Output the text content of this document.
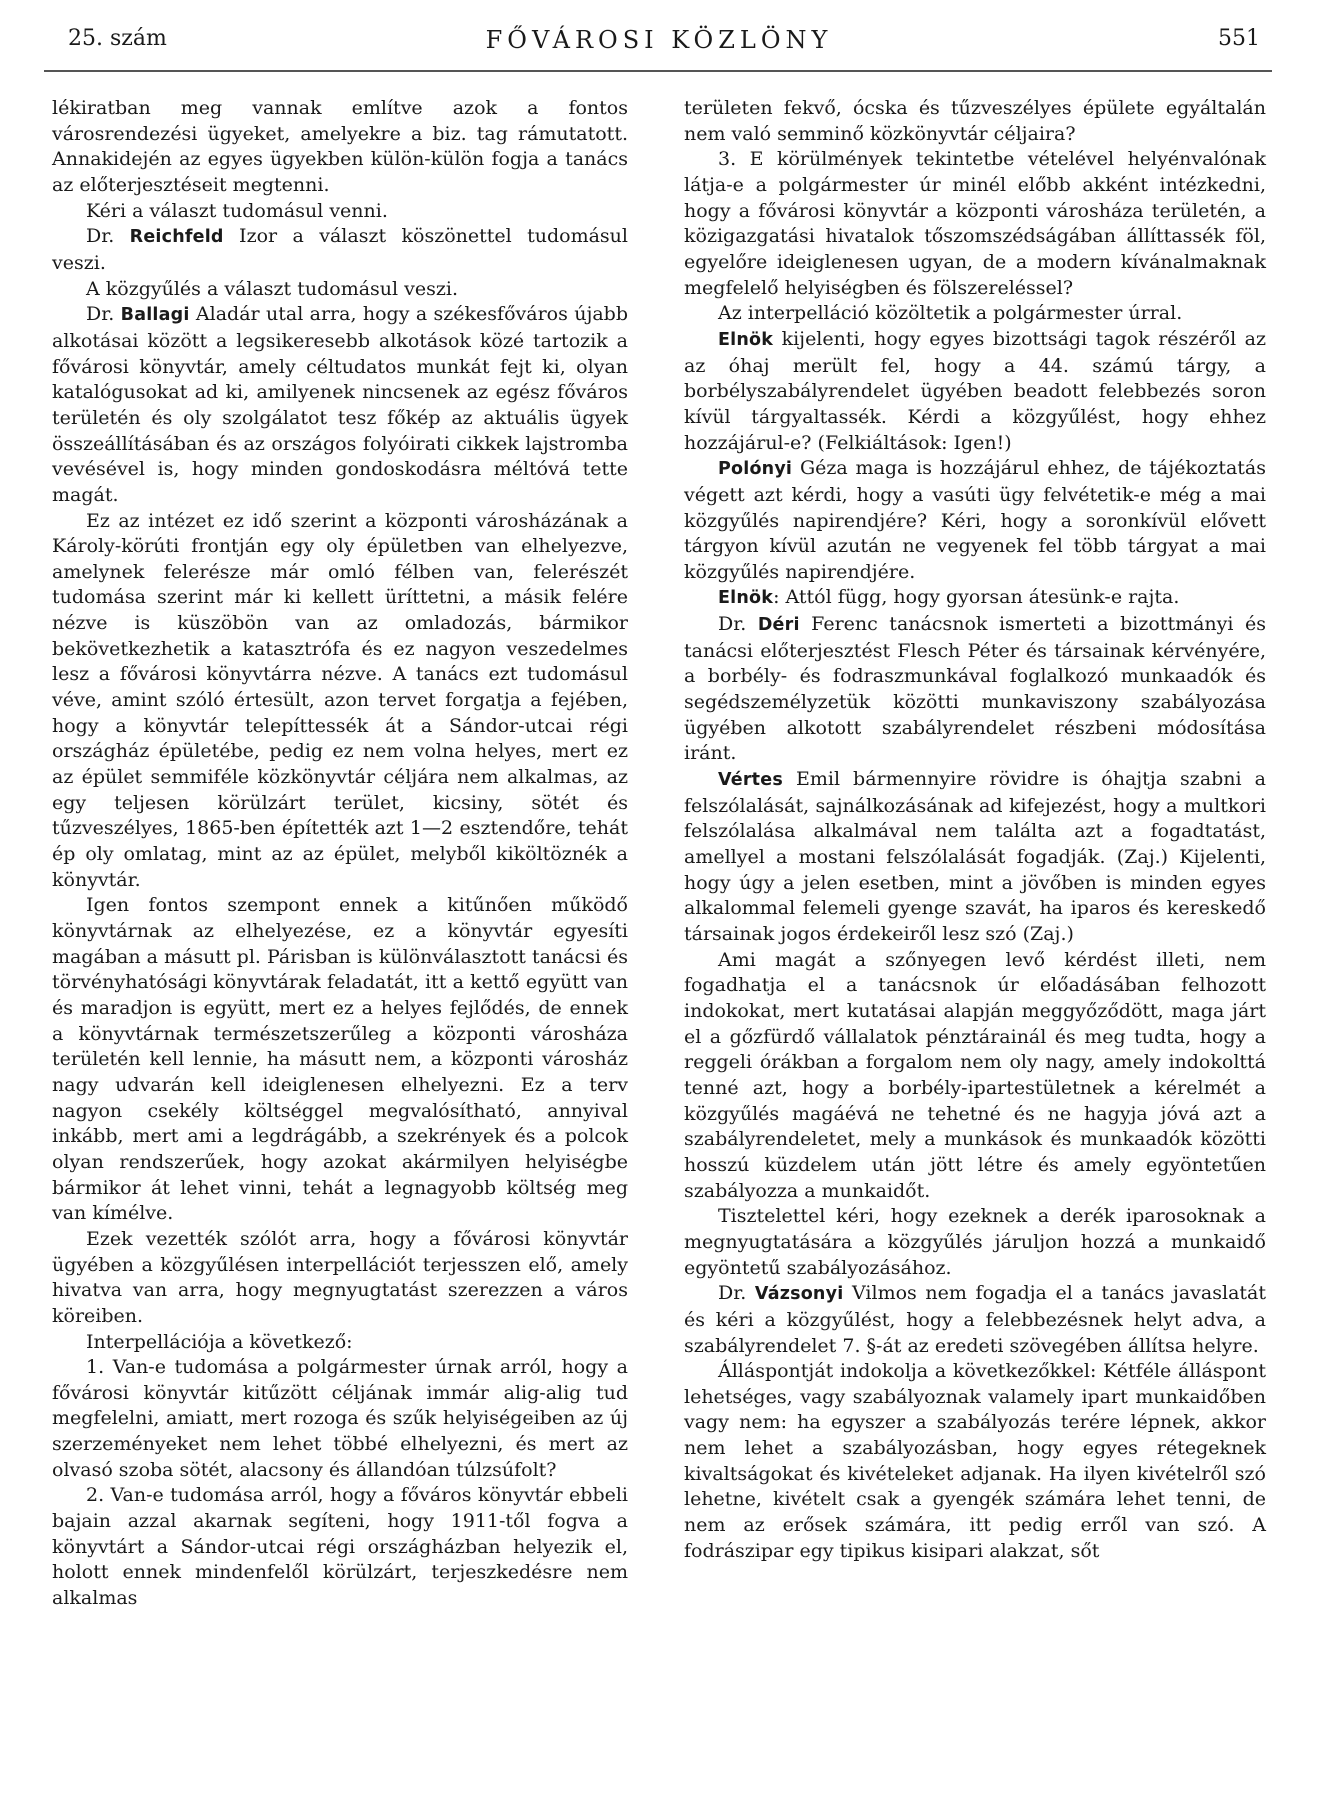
25. szám	FŐVÁROSI KÖZLÖNY	551

lékiratban meg vannak említve azok a fontos városrendezési ügyeket, amelyekre a biz. tag rámutatott. Annakidején az egyes ügyekben külön-külön fogja a tanács az előterjesztéseit megtenni.

Kéri a választ tudomásul venni.

Dr. Reichfeld Izor a választ köszönettel tudomásul veszi.

A közgyűlés a választ tudomásul veszi.

Dr. Ballagi Aladár utal arra, hogy a székesfőváros újabb alkotásai között a legsikeresebb alkotások közé tartozik a fővárosi könyvtár, amely céltudatos munkát fejt ki, olyan katalógusokat ad ki, amilyenek nincsenek az egész főváros területén és oly szolgálatot tesz főkép az aktuális ügyek összeállításában és az országos folyóirati cikkek lajstromba vevésével is, hogy minden gondoskodásra méltóvá tette magát.

Ez az intézet ez idő szerint a központi városházának a Károly-körúti frontján egy oly épületben van elhelyezve, amelynek felerésze már omló félben van, felerészét tudomása szerint már ki kellett üríttetni, a másik felére nézve is küszöbön van az omladozás, bármikor bekövetkezhetik a katasztrófa és ez nagyon veszedelmes lesz a fővárosi könyvtárra nézve. A tanács ezt tudomásul véve, amint szóló értesült, azon tervet forgatja a fejében, hogy a könyvtár telepíttessék át a Sándor-utcai régi országház épületébe, pedig ez nem volna helyes, mert ez az épület semmiféle közkönyvtár céljára nem alkalmas, az egy teljesen körülzárt terület, kicsiny, sötét és tűzveszélyes, 1865-ben építették azt 1—2 esztendőre, tehát ép oly omlatag, mint az az épület, melyből kiköltöznék a könyvtár.

Igen fontos szempont ennek a kitűnően működő könyvtárnak az elhelyezése, ez a könyvtár egyesíti magában a másutt pl. Párisban is különválasztott tanácsi és törvényhatósági könyvtárak feladatát, itt a kettő együtt van és maradjon is együtt, mert ez a helyes fejlődés, de ennek a könyvtárnak természetszerűleg a központi városháza területén kell lennie, ha másutt nem, a központi városház nagy udvarán kell ideiglenesen elhelyezni. Ez a terv nagyon csekély költséggel megvalósítható, annyival inkább, mert ami a legdrágább, a szekrények és a polcok olyan rendszerűek, hogy azokat akármilyen helyiségbe bármikor át lehet vinni, tehát a legnagyobb költség meg van kímélve.

Ezek vezették szólót arra, hogy a fővárosi könyvtár ügyében a közgyűlésen interpellációt terjesszen elő, amely hivatva van arra, hogy megnyugtatást szerezzen a város köreiben.

Interpellációja a következő:

1. Van-e tudomása a polgármester úrnak arról, hogy a fővárosi könyvtár kitűzött céljának immár alig-alig tud megfelelni, amiatt, mert rozoga és szűk helyiségeiben az új szerzeményeket nem lehet többé elhelyezni, és mert az olvasó szoba sötét, alacsony és állandóan túlzsúfolt?

2. Van-e tudomása arról, hogy a főváros könyvtár ebbeli bajain azzal akarnak segíteni, hogy 1911-től fogva a könyvtárt a Sándor-utcai régi országházban helyezik el, holott ennek mindenfelől körülzárt, terjeszkedésre nem alkalmas

területen fekvő, ócska és tűzveszélyes épülete egyáltalán nem való semminő közkönyvtár céljaira?

3. E körülmények tekintetbe vételével helyénvalónak látja-e a polgármester úr minél előbb akként intézkedni, hogy a fővárosi könyvtár a központi városháza területén, a közigazgatási hivatalok tőszomszédságában állíttassék föl, egyelőre ideiglenesen ugyan, de a modern kívánalmaknak megfelelő helyiségben és fölszereléssel?

Az interpelláció közöltetik a polgármester úrral.

Elnök kijelenti, hogy egyes bizottsági tagok részéről az az óhaj merült fel, hogy a 44. számú tárgy, a borbélyszabályrendelet ügyében beadott felebbezés soron kívül tárgyaltassék. Kérdi a közgyűlést, hogy ehhez hozzájárul-e? (Felkiáltások: Igen!)

Polónyi Géza maga is hozzájárul ehhez, de tájékoztatás végett azt kérdi, hogy a vasúti ügy felvétetik-e még a mai közgyűlés napirendjére? Kéri, hogy a soronkívül elővett tárgyon kívül azután ne vegyenek fel több tárgyat a mai közgyűlés napirendjére.

Elnök: Attól függ, hogy gyorsan átesünk-e rajta.

Dr. Déri Ferenc tanácsnok ismerteti a bizottmányi és tanácsi előterjesztést Flesch Péter és társainak kérvényére, a borbély- és fodraszmunkával foglalkozó munkaadók és segédszemélyzetük közötti munkaviszony szabályozása ügyében alkotott szabályrendelet részbeni módosítása iránt.

Vértes Emil bármennyire rövidre is óhajtja szabni a felszólalását, sajnálkozásának ad kifejezést, hogy a multkori felszólalása alkalmával nem találta azt a fogadtatást, amellyel a mostani felszólalását fogadják. (Zaj.) Kijelenti, hogy úgy a jelen esetben, mint a jövőben is minden egyes alkalommal felemeli gyenge szavát, ha iparos és kereskedő társainak jogos érdekeiről lesz szó (Zaj.)

Ami magát a szőnyegen levő kérdést illeti, nem fogadhatja el a tanácsnok úr előadásában felhozott indokokat, mert kutatásai alapján meggyőződött, maga járt el a gőzfürdő vállalatok pénztárainál és meg tudta, hogy a reggeli órákban a forgalom nem oly nagy, amely indokolttá tenné azt, hogy a borbély-ipartestületnek a kérelmét a közgyűlés magáévá ne tehetné és ne hagyja jóvá azt a szabályrendeletet, mely a munkások és munkaadók közötti hosszú küzdelem után jött létre és amely egyöntetűen szabályozza a munkaidőt.

Tisztelettel kéri, hogy ezeknek a derék iparosoknak a megnyugtatására a közgyűlés járuljon hozzá a munkaidő egyöntetű szabályozásához.

Dr. Vázsonyi Vilmos nem fogadja el a tanács javaslatát és kéri a közgyűlést, hogy a felebbezésnek helyt adva, a szabályrendelet 7. §-át az eredeti szövegében állítsa helyre.

Álláspontját indokolja a következőkkel: Kétféle álláspont lehetséges, vagy szabályoznak valamely ipart munkaidőben vagy nem: ha egyszer a szabályozás terére lépnek, akkor nem lehet a szabályozásban, hogy egyes rétegeknek kivaltságokat és kivételeket adjanak. Ha ilyen kivételről szó lehetne, kivételt csak a gyengék számára lehet tenni, de nem az erősek számára, itt pedig erről van szó. A fodrászipar egy tipikus kisipari alakzat, sőt
